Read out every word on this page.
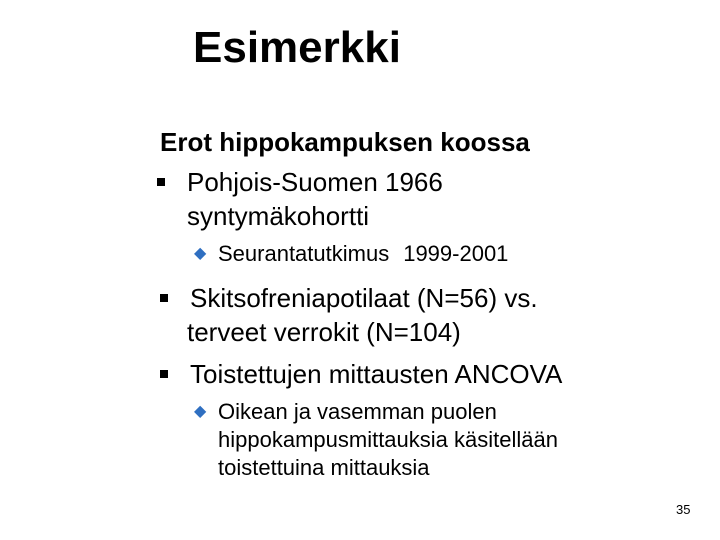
Esimerkki
Erot hippokampuksen koossa
Pohjois-Suomen 1966 syntymäkohortti
◆ Seurantatutkimus 1999-2001
Skitsofreniapotilaat (N=56) vs.
terveet verrokit (N=104)
Toistettujen mittausten ANCOVA
◆ Oikean ja vasemman puolen hippokampusmittauksia käsitellään toistettuina mittauksia
35
